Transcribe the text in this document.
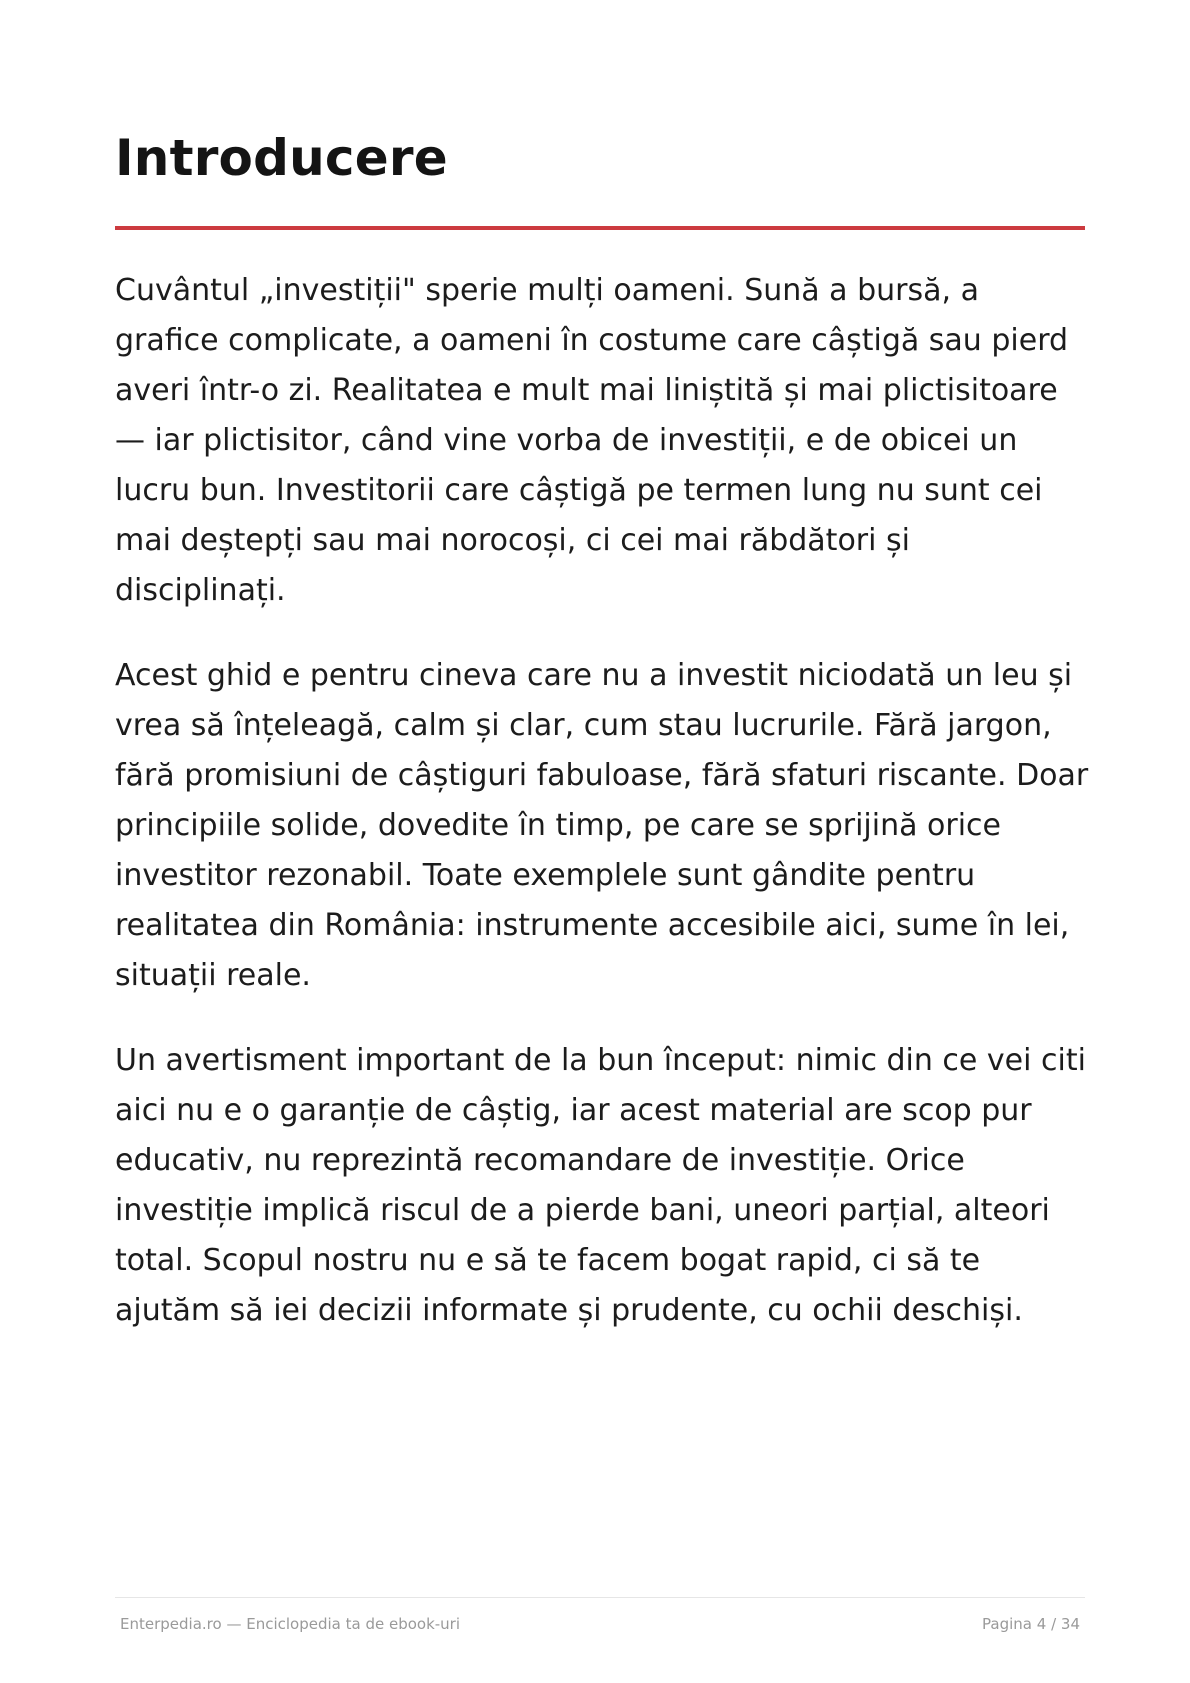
Introducere

Cuvântul „investiții" sperie mulți oameni. Sună a bursă, a grafice complicate, a oameni în costume care câștigă sau pierd averi într-o zi. Realitatea e mult mai liniștită și mai plictisitoare — iar plictisitor, când vine vorba de investiții, e de obicei un lucru bun. Investitorii care câștigă pe termen lung nu sunt cei mai deștepți sau mai norocoși, ci cei mai răbdători și disciplinați.

Acest ghid e pentru cineva care nu a investit niciodată un leu și vrea să înțeleagă, calm și clar, cum stau lucrurile. Fără jargon, fără promisiuni de câștiguri fabuloase, fără sfaturi riscante. Doar principiile solide, dovedite în timp, pe care se sprijină orice investitor rezonabil. Toate exemplele sunt gândite pentru realitatea din România: instrumente accesibile aici, sume în lei, situații reale.

Un avertisment important de la bun început: nimic din ce vei citi aici nu e o garanție de câștig, iar acest material are scop pur educativ, nu reprezintă recomandare de investiție. Orice investiție implică riscul de a pierde bani, uneori parțial, alteori total. Scopul nostru nu e să te facem bogat rapid, ci să te ajutăm să iei decizii informate și prudente, cu ochii deschiși.

Enterpedia.ro — Enciclopedia ta de ebook-uri	Pagina 4 / 34
